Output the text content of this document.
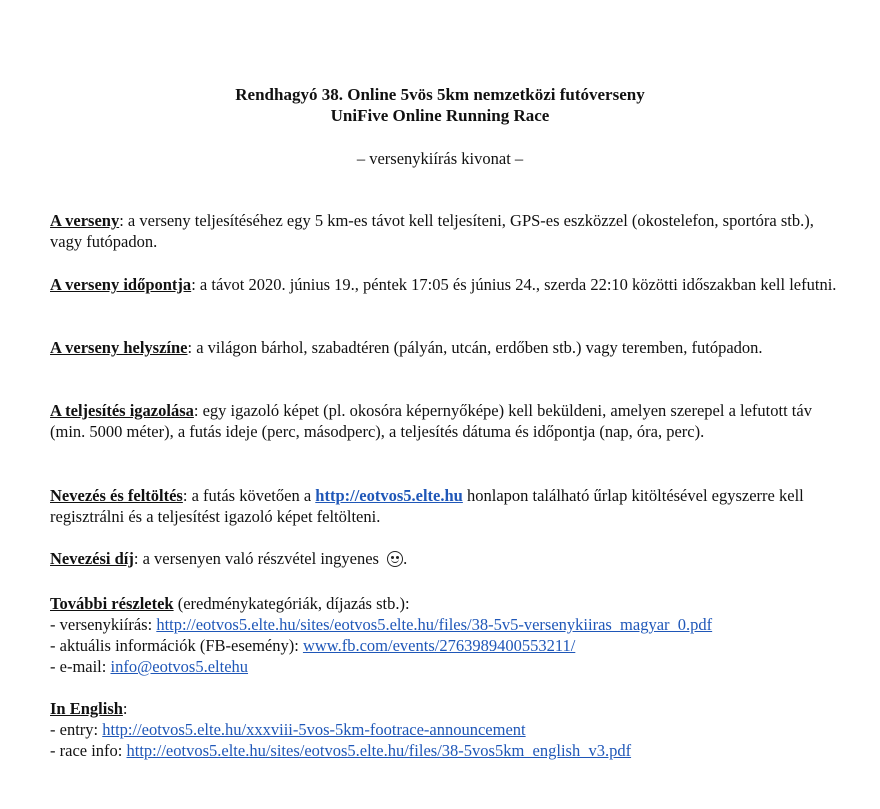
Rendhagyó 38. Online 5vös 5km nemzetközi futóverseny
UniFive Online Running Race
– versenykiírás kivonat –
A verseny: a verseny teljesítéséhez egy 5 km-es távot kell teljesíteni, GPS-es eszközzel (okostelefon, sportóra stb.), vagy futópadon.
A verseny időpontja: a távot 2020. június 19., péntek 17:05 és június 24., szerda 22:10 közötti időszakban kell lefutni.
A verseny helyszíne: a világon bárhol, szabadtéren (pályán, utcán, erdőben stb.) vagy teremben, futópadon.
A teljesítés igazolása: egy igazoló képet (pl. okosóra képernyőképe) kell beküldeni, amelyen szerepel a lefutott táv (min. 5000 méter), a futás ideje (perc, másodperc), a teljesítés dátuma és időpontja (nap, óra, perc).
Nevezés és feltöltés: a futás követően a http://eotvos5.elte.hu honlapon található űrlap kitöltésével egyszerre kell regisztrálni és a teljesítést igazoló képet feltölteni.
Nevezési díj: a versenyen való részvétel ingyenes
.
További részletek (eredménykategóriák, díjazás stb.):
- versenykiírás: http://eotvos5.elte.hu/sites/eotvos5.elte.hu/files/38-5v5-versenykiiras_magyar_0.pdf
- aktuális információk (FB-esemény): www.fb.com/events/2763989400553211/
- e-mail: info@eotvos5.eltehu
In English:
- entry: http://eotvos5.elte.hu/xxxviii-5vos-5km-footrace-announcement
- race info: http://eotvos5.elte.hu/sites/eotvos5.elte.hu/files/38-5vos5km_english_v3.pdf
